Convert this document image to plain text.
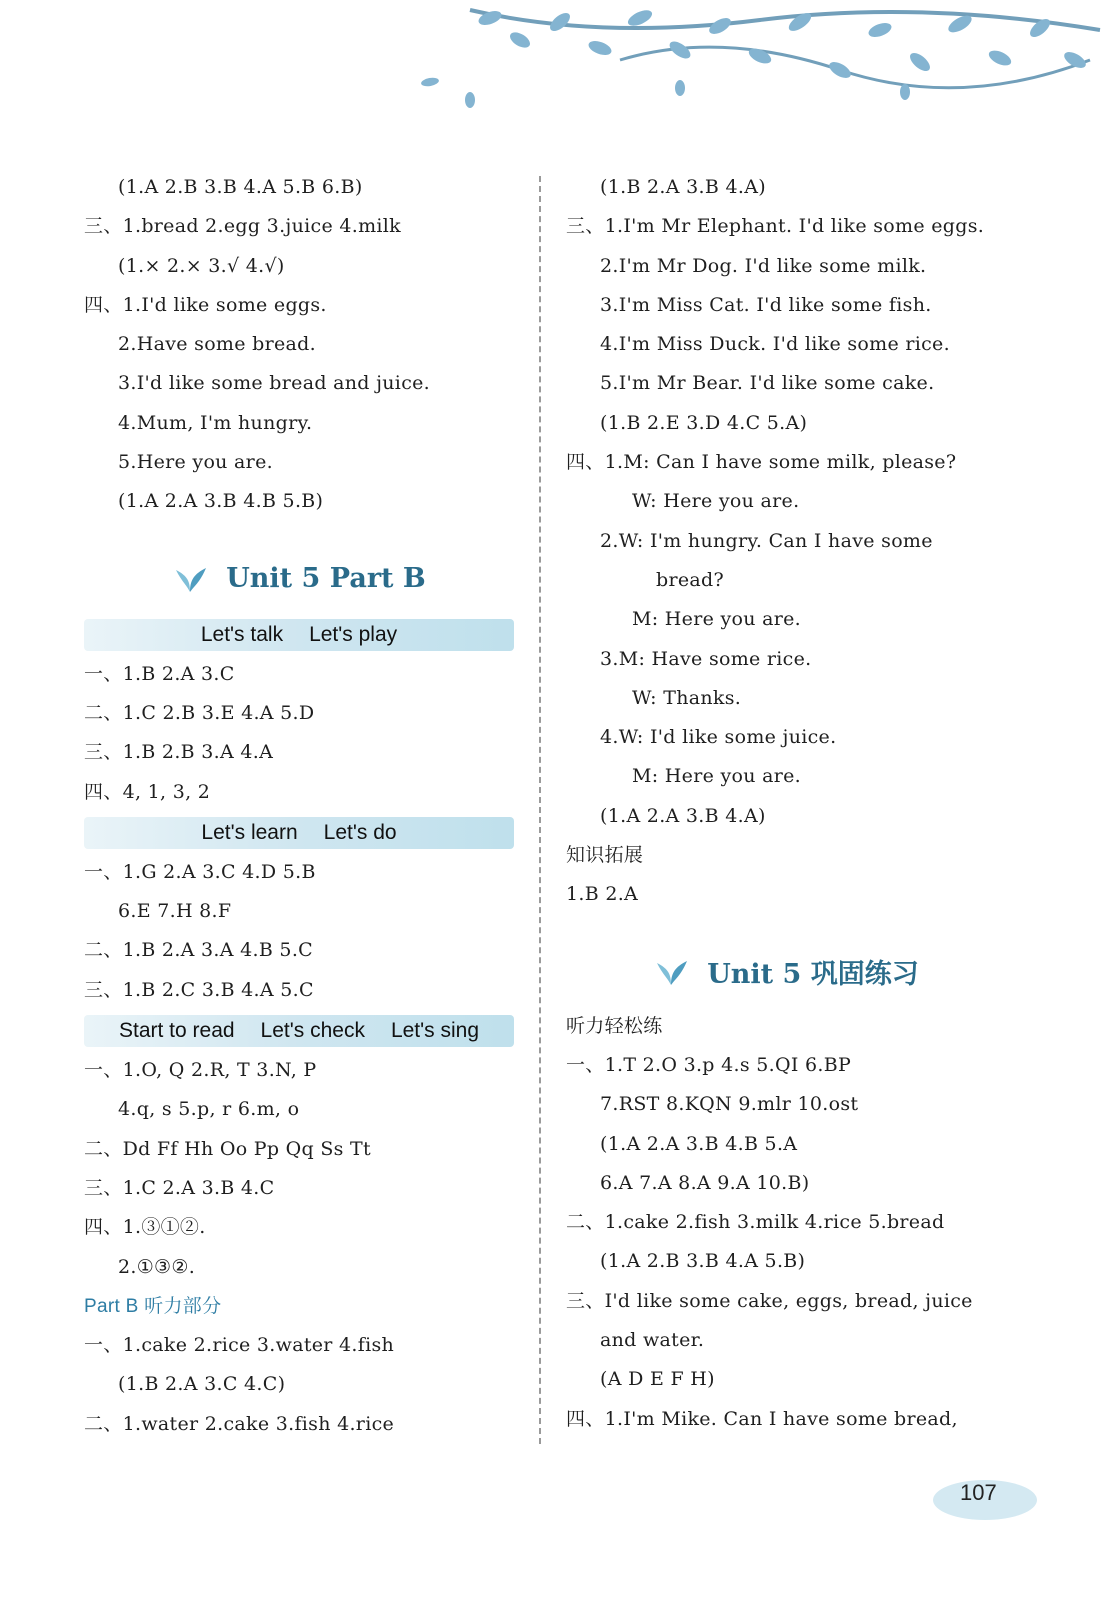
(1.A 2.B 3.B 4.A 5.B 6.B)
三、1.bread 2.egg 3.juice 4.milk
(1.× 2.× 3.√ 4.√)
四、1.I'd like some eggs.
2.Have some bread.
3.I'd like some bread and juice.
4.Mum, I'm hungry.
5.Here you are.
(1.A 2.A 3.B 4.B 5.B)
Unit 5 Part B
Let's talk Let's play
一、1.B 2.A 3.C
二、1.C 2.B 3.E 4.A 5.D
三、1.B 2.B 3.A 4.A
四、4, 1, 3, 2
Let's learn Let's do
一、1.G 2.A 3.C 4.D 5.B
6.E 7.H 8.F
二、1.B 2.A 3.A 4.B 5.C
三、1.B 2.C 3.B 4.A 5.C
Start to read Let's check Let's sing
一、1.O, Q 2.R, T 3.N, P
4.q, s 5.p, r 6.m, o
二、Dd Ff Hh Oo Pp Qq Ss Tt
三、1.C 2.A 3.B 4.C
四、1.③①②.
2.①③②.
Part B 听力部分
一、1.cake 2.rice 3.water 4.fish
(1.B 2.A 3.C 4.C)
二、1.water 2.cake 3.fish 4.rice
(1.B 2.A 3.B 4.A)
三、1.I'm Mr Elephant. I'd like some eggs.
2.I'm Mr Dog. I'd like some milk.
3.I'm Miss Cat. I'd like some fish.
4.I'm Miss Duck. I'd like some rice.
5.I'm Mr Bear. I'd like some cake.
(1.B 2.E 3.D 4.C 5.A)
四、1.M: Can I have some milk, please?
W: Here you are.
2.W: I'm hungry. Can I have some
bread?
M: Here you are.
3.M: Have some rice.
W: Thanks.
4.W: I'd like some juice.
M: Here you are.
(1.A 2.A 3.B 4.A)
知识拓展
1.B 2.A
Unit 5 巩固练习
听力轻松练
一、1.T 2.O 3.p 4.s 5.QI 6.BP
7.RST 8.KQN 9.mlr 10.ost
(1.A 2.A 3.B 4.B 5.A
6.A 7.A 8.A 9.A 10.B)
二、1.cake 2.fish 3.milk 4.rice 5.bread
(1.A 2.B 3.B 4.A 5.B)
三、I'd like some cake, eggs, bread, juice
and water.
(A D E F H)
四、1.I'm Mike. Can I have some bread,
107
